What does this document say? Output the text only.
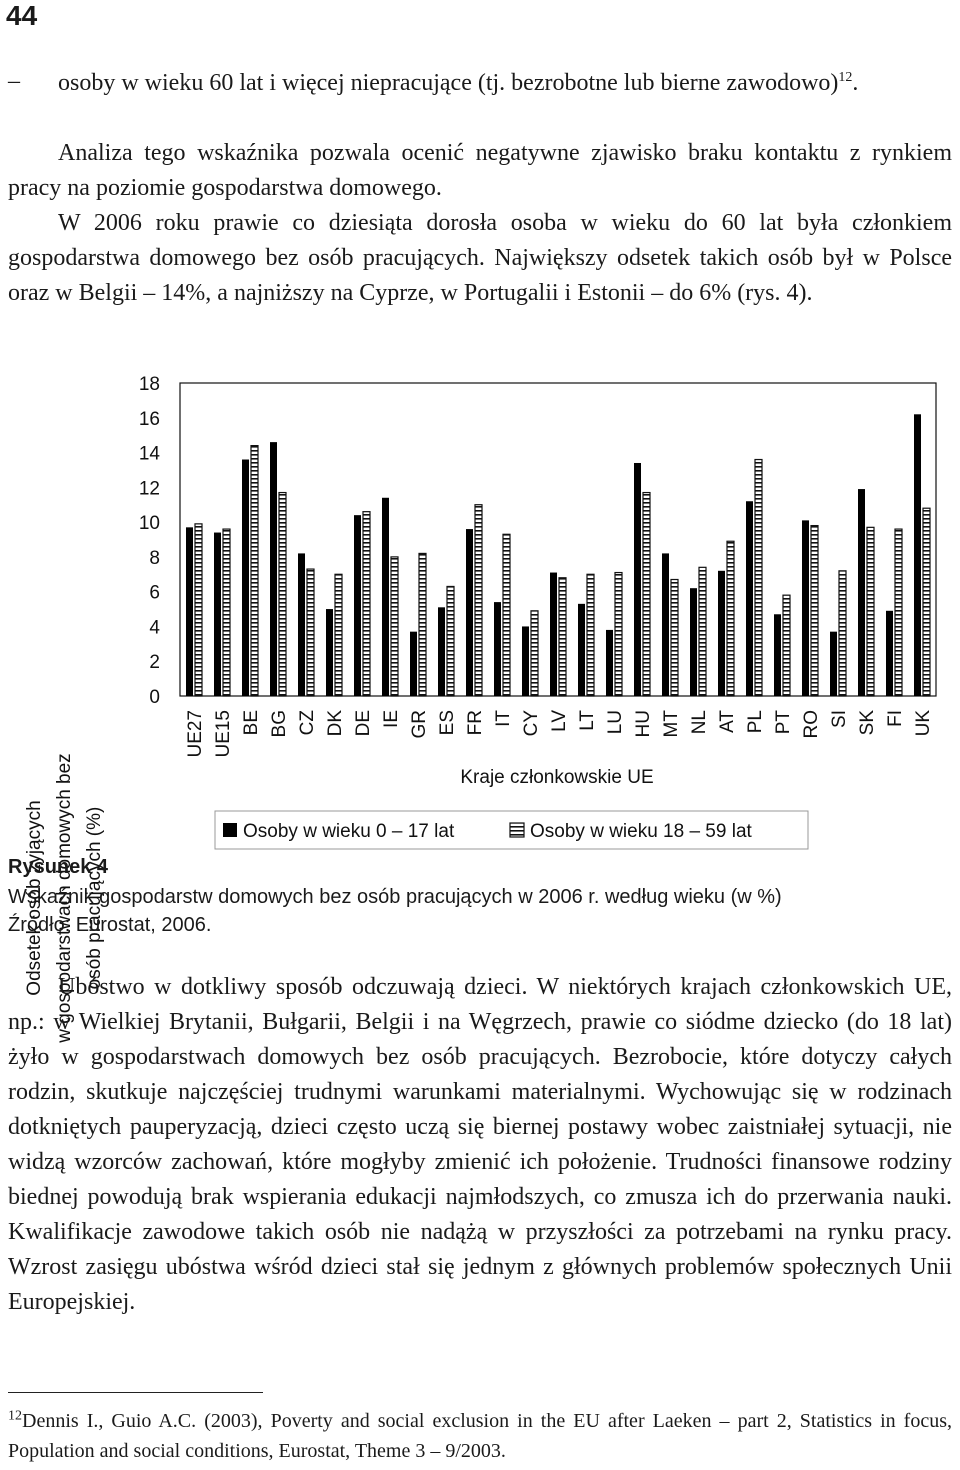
44
–	osoby w wieku 60 lat i więcej niepracujące (tj. bezrobotne lub bierne zawodowo)$^{12}$.

Analiza tego wskaźnika pozwala ocenić negatywne zjawisko braku kontaktu z rynkiem pracy na poziomie gospodarstwa domowego.

W 2006 roku prawie co dziesiąta dorosła osoba w wieku do 60 lat była członkiem gospodarstwa domowego bez osób pracujących. Największy odsetek takich osób był w Polsce oraz w Belgii – 14%, a najniższy na Cyprze, w Portugalii i Estonii – do 6% (rys. 4).

Odsetek osób żyjących w gospodarstwach domowych bez osób pracujących (%)
0
2
4
6
8
10
12
14
16
18
UE27 UE15 BE BG CZ DK DE IE GR ES FR IT CY LV LT LU HU MT NL AT PL PT RO SI SK FI UK
Kraje członkowskie UE
Osoby w wieku 0 – 17 lat	Osoby w wieku 18 – 59 lat
Rysunek 4
Wskaźnik gospodarstw domowych bez osób pracujących w 2006 r. według wieku (w %)
Źródło: Eurostat, 2006.

Ubóstwo w dotkliwy sposób odczuwają dzieci. W niektórych krajach członkowskich UE, np.: w Wielkiej Brytanii, Bułgarii, Belgii i na Węgrzech, prawie co siódme dziecko (do 18 lat) żyło w gospodarstwach domowych bez osób pracujących. Bezrobocie, które dotyczy całych rodzin, skutkuje najczęściej trudnymi warunkami materialnymi. Wychowując się w rodzinach dotkniętych pauperyzacją, dzieci często uczą się biernej postawy wobec zaistniałej sytuacji, nie widzą wzorców zachowań, które mogłyby zmienić ich położenie. Trudności finansowe rodziny biednej powodują brak wspierania edukacji najmłodszych, co zmusza ich do przerwania nauki. Kwalifikacje zawodowe takich osób nie nadążą w przyszłości za potrzebami na rynku pracy. Wzrost zasięgu ubóstwa wśród dzieci stał się jednym z głównych problemów społecznych Unii Europejskiej.

$^{12}$Dennis I., Guio A.C. (2003), Poverty and social exclusion in the EU after Laeken – part 2, Statistics in focus, Population and social conditions, Eurostat, Theme 3 – 9/2003.
